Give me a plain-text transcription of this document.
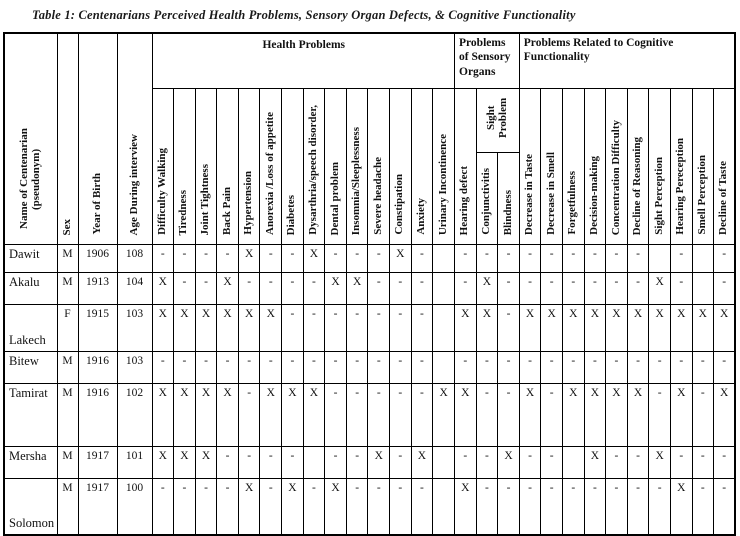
Table 1: Centenarians Perceived Health Problems, Sensory Organ Defects, & Cognitive Functionality
Name of Centenarian (pseudonym)	Sex	Year of Birth	Age During interview	Health Problems														Problems of Sensory Organs			Problems Related to Cognitive Functionality									
				Difficulty Walking	Tiredness	Joint Tightness	Back Pain	Hypertension	Anorexia /Loss of appetite	Diabetes	Dysarthria/speech disorder,	Dental problem	Insomnia/Sleeplessness	Severe headache	Constipation	Anxiety	Urinary Incontinence	Hearing defect	Sight Problem		Decrease in Taste	Decrease in Smell	Forgetfulness	Decision-making	Concentration Difficulty	Decline of Reasoning	Sight Perception	Hearing Pereception	Smell Perception	Decline of Taste
																			Conjunctivitis	Blindness										
Dawit	M	1906	108	-	-	-	-	X	-	-	X	-	-	-	X	-		-	-	-	-	-	-	-	-	-		-		-
Akalu	M	1913	104	X	-	-	X	-	-	-	-	X	X	-	-	-		-	X	-	-	-	-	-	-	-	X	-		-
Lakech	F	1915	103	X	X	X	X	X	X	-	-	-	-	-	-	-		X	X	-	X	X	X	X	X	X	X	X	X	X
Bitew	M	1916	103	-	-	-	-	-	-	-	-	-	-	-	-	-		-	-	-	-	-	-	-	-	-	-	-	-	-
Tamirat	M	1916	102	X	X	X	X	-	X	X	X	-	-	-	-	-	X	X	-	-	X	-	X	X	X	X	-	X	-	X
Mersha	M	1917	101	X	X	X	-	-	-	-		-	-	X	-	X		-	-	X	-	-		X	-	-	X	-	-	-
Solomon	M	1917	100	-	-	-	-	X	-	X	-	X	-	-	-	-		X	-	-	-	-	-	-	-	-	-	X	-	-
